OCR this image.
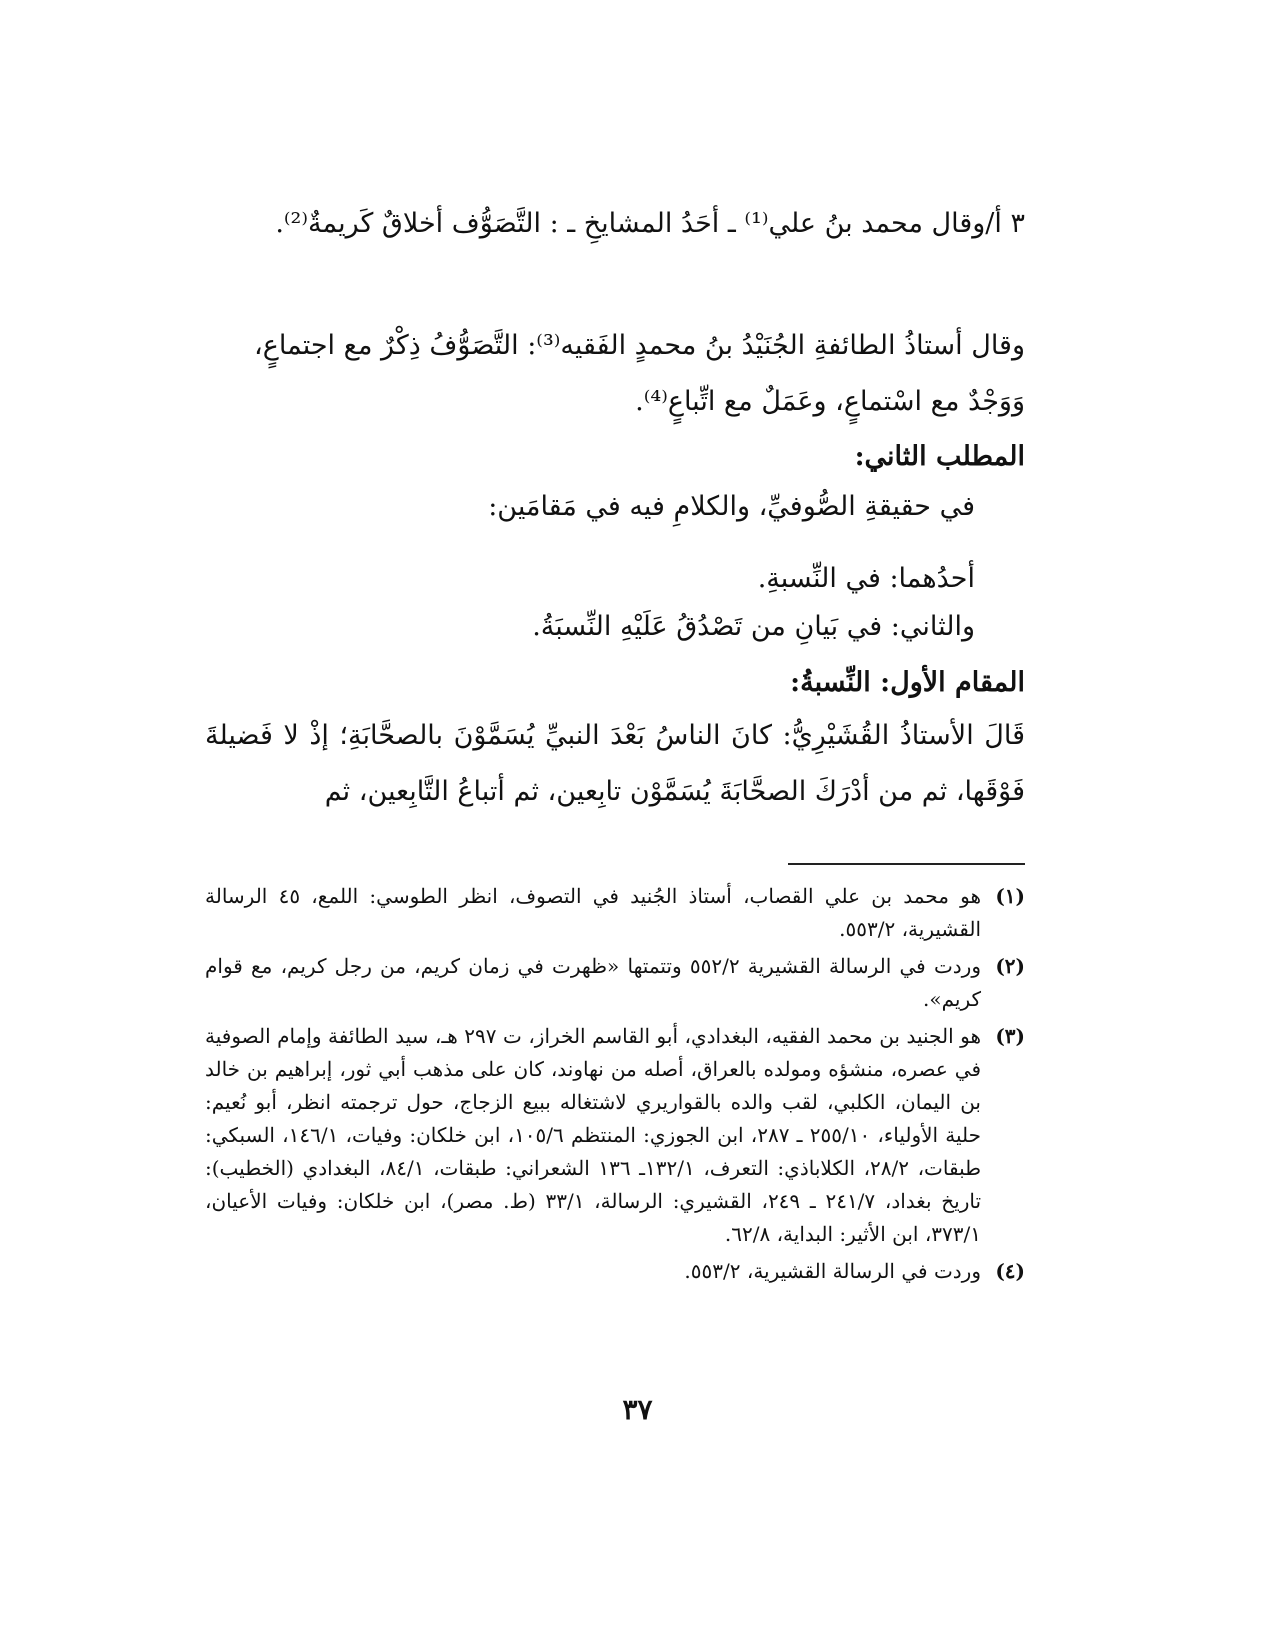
٣ أ/وقال محمد بنُ علي⁽¹⁾ ـ أحَدُ المشايخِ ـ : التَّصَوُّف أخلاقٌ كَريمةٌ⁽²⁾.
وقال أستاذُ الطائفةِ الجُنَيْدُ بنُ محمدٍ الفَقيه⁽³⁾: التَّصَوُّفُ ذِكْرٌ مع اجتماعٍ، وَوَجْدٌ مع اسْتماعٍ، وعَمَلٌ مع اتِّباعٍ⁽⁴⁾.
المطلب الثاني:
في حقيقةِ الصُّوفيِّ، والكلامِ فيه في مَقامَين:
أحدُهما: في النِّسبةِ.
والثاني: في بَيانِ من تَصْدُقُ عَلَيْهِ النِّسبَةُ.
المقام الأول: النِّسبةُ:
قَالَ الأستاذُ القُشَيْرِيُّ: كانَ الناسُ بَعْدَ النبيِّ يُسَمَّوْنَ بالصحَّابَةِ؛ إذْ لا فَضيلةَ فَوْقَها، ثم من أدْرَكَ الصحَّابَةَ يُسَمَّوْن تابِعين، ثم أتباعُ التَّابِعين، ثم
(١)
هو محمد بن علي القصاب، أستاذ الجُنيد في التصوف، انظر الطوسي: اللمع، ٤٥ الرسالة القشيرية، ٥٥٣/٢.
(٢)
وردت في الرسالة القشيرية ٥٥٢/٢ وتتمتها «ظهرت في زمان كريم، من رجل كريم، مع قوام كريم».
(٣)
هو الجنيد بن محمد الفقيه، البغدادي، أبو القاسم الخراز، ت ٢٩٧ هـ، سيد الطائفة وإمام الصوفية في عصره، منشؤه ومولده بالعراق، أصله من نهاوند، كان على مذهب أبي ثور، إبراهيم بن خالد بن اليمان، الكلبي، لقب والده بالقواريري لاشتغاله ببيع الزجاج، حول ترجمته انظر، أبو نُعيم: حلية الأولياء، ٢٥٥/١٠ ـ ٢٨٧، ابن الجوزي: المنتظم ١٠٥/٦، ابن خلكان: وفيات، ١٤٦/١، السبكي: طبقات، ٢٨/٢، الكلاباذي: التعرف، ١٣٢/١ـ ١٣٦ الشعراني: طبقات، ٨٤/١، البغدادي (الخطيب): تاريخ بغداد، ٢٤١/٧ ـ ٢٤٩، القشيري: الرسالة، ٣٣/١ (ط. مصر)، ابن خلكان: وفيات الأعيان، ٣٧٣/١، ابن الأثير: البداية، ٦٢/٨.
(٤)
وردت في الرسالة القشيرية، ٥٥٣/٢.
٣٧
